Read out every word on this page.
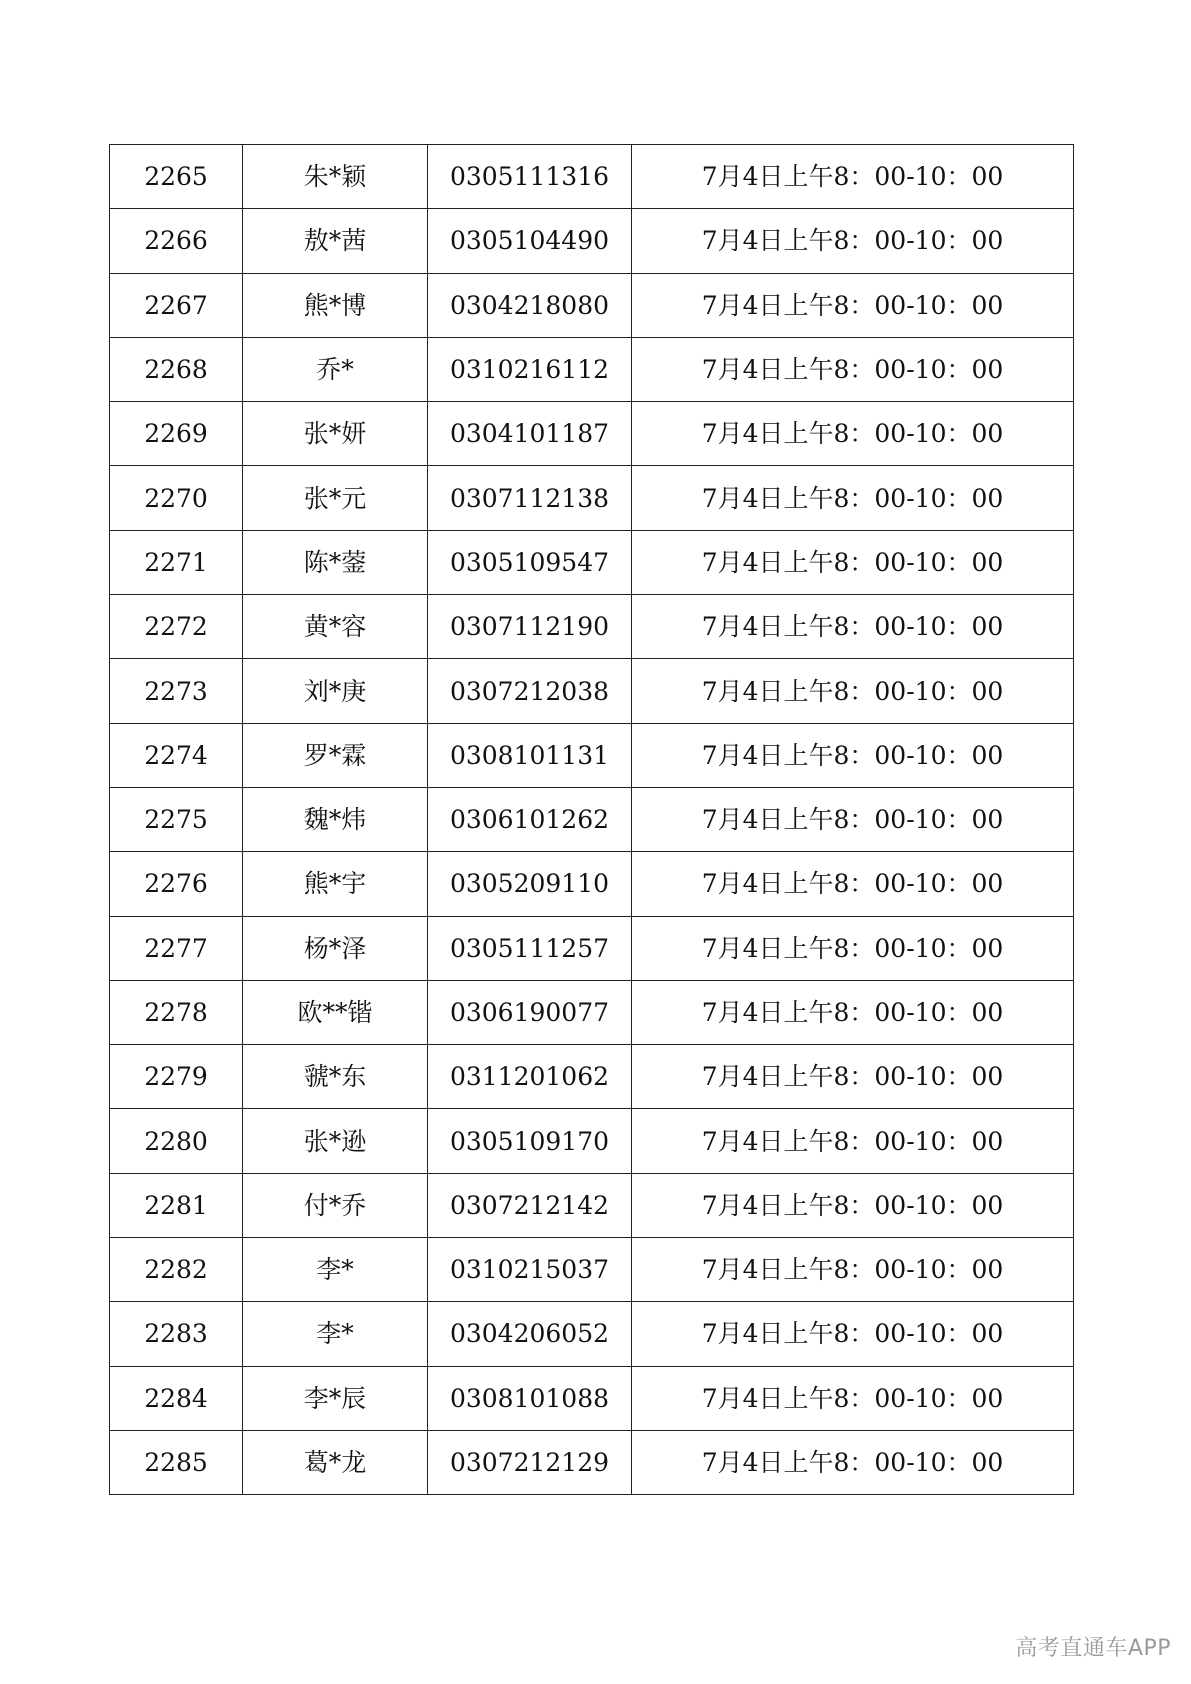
2265	朱*颖	0305111316	7月4日上午8：00-10：00
2266	敖*茜	0305104490	7月4日上午8：00-10：00
2267	熊*博	0304218080	7月4日上午8：00-10：00
2268	乔*	0310216112	7月4日上午8：00-10：00
2269	张*妍	0304101187	7月4日上午8：00-10：00
2270	张*元	0307112138	7月4日上午8：00-10：00
2271	陈*蓥	0305109547	7月4日上午8：00-10：00
2272	黄*容	0307112190	7月4日上午8：00-10：00
2273	刘*庚	0307212038	7月4日上午8：00-10：00
2274	罗*霖	0308101131	7月4日上午8：00-10：00
2275	魏*炜	0306101262	7月4日上午8：00-10：00
2276	熊*宇	0305209110	7月4日上午8：00-10：00
2277	杨*泽	0305111257	7月4日上午8：00-10：00
2278	欧**锴	0306190077	7月4日上午8：00-10：00
2279	虢*东	0311201062	7月4日上午8：00-10：00
2280	张*逊	0305109170	7月4日上午8：00-10：00
2281	付*乔	0307212142	7月4日上午8：00-10：00
2282	李*	0310215037	7月4日上午8：00-10：00
2283	李*	0304206052	7月4日上午8：00-10：00
2284	李*辰	0308101088	7月4日上午8：00-10：00
2285	葛*龙	0307212129	7月4日上午8：00-10：00
高考直通车APP
